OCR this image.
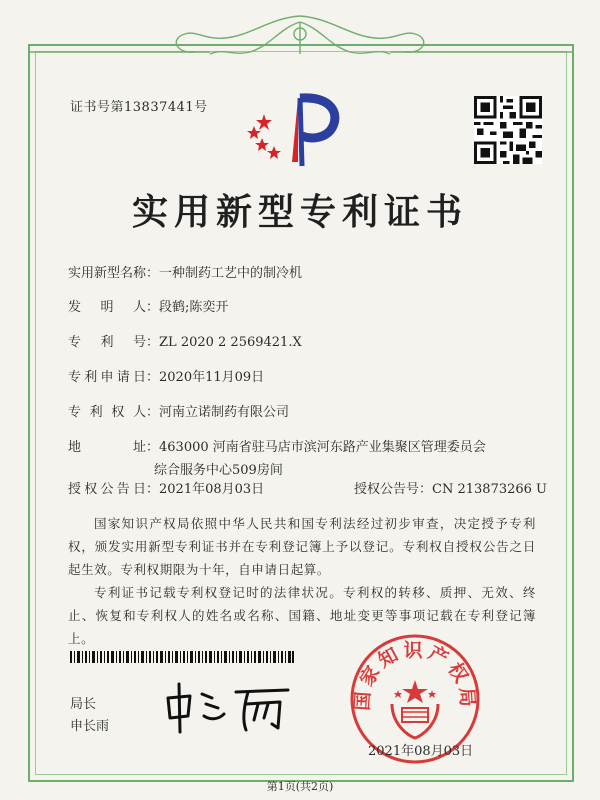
证书号第13837441号
实用新型专利证书
实用新型名称：一种制药工艺中的制冷机
发明人：段鹤;陈奕开
专利号：ZL 2020 2 2569421.X
专利申请日：2020年11月09日
专利权人：河南立诺制药有限公司
地址：463000 河南省驻马店市滨河东路产业集聚区管理委员会
综合服务中心509房间
授权公告日：2021年08月03日	授权公告号：CN 213873266 U
国家知识产权局依照中华人民共和国专利法经过初步审查，决定授予专利权，颁发实用新型专利证书并在专利登记簿上予以登记。专利权自授权公告之日起生效。专利权期限为十年，自申请日起算。
专利证书记载专利权登记时的法律状况。专利权的转移、质押、无效、终止、恢复和专利权人的姓名或名称、国籍、地址变更等事项记载在专利登记簿上。
局长
申长雨
国家知识产权局
2021年08月03日
第1页(共2页)
